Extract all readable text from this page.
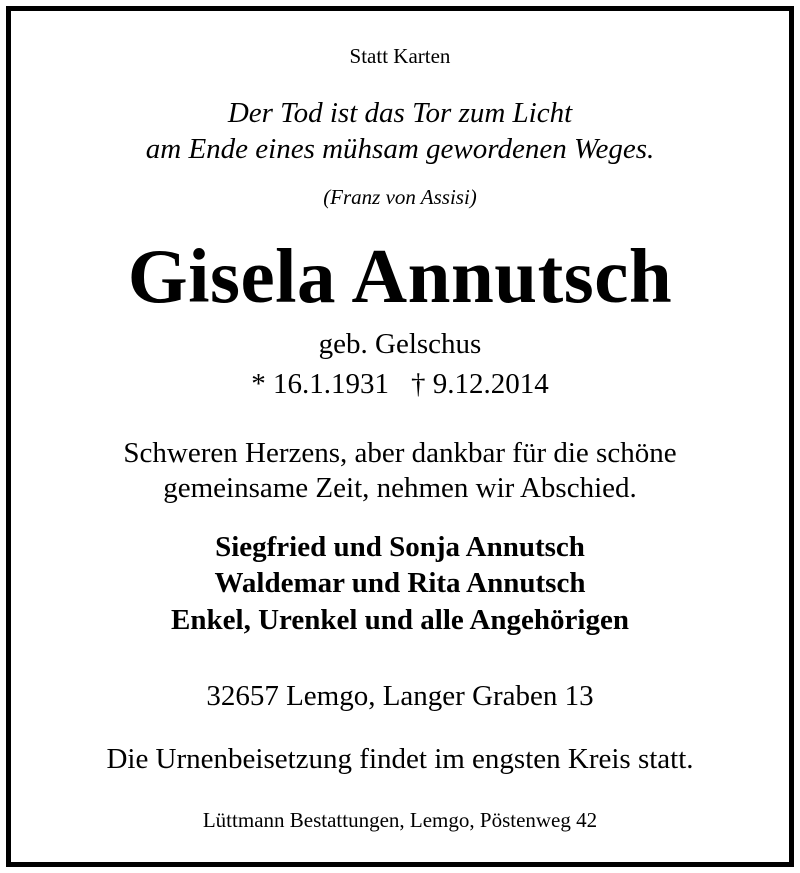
Statt Karten
Der Tod ist das Tor zum Licht
am Ende eines mühsam gewordenen Weges.
(Franz von Assisi)
Gisela Annutsch
geb. Gelschus
* 16.1.1931 † 9.12.2014
Schweren Herzens, aber dankbar für die schöne
gemeinsame Zeit, nehmen wir Abschied.
Siegfried und Sonja Annutsch
Waldemar und Rita Annutsch
Enkel, Urenkel und alle Angehörigen
32657 Lemgo, Langer Graben 13
Die Urnenbeisetzung findet im engsten Kreis statt.
Lüttmann Bestattungen, Lemgo, Pöstenweg 42
